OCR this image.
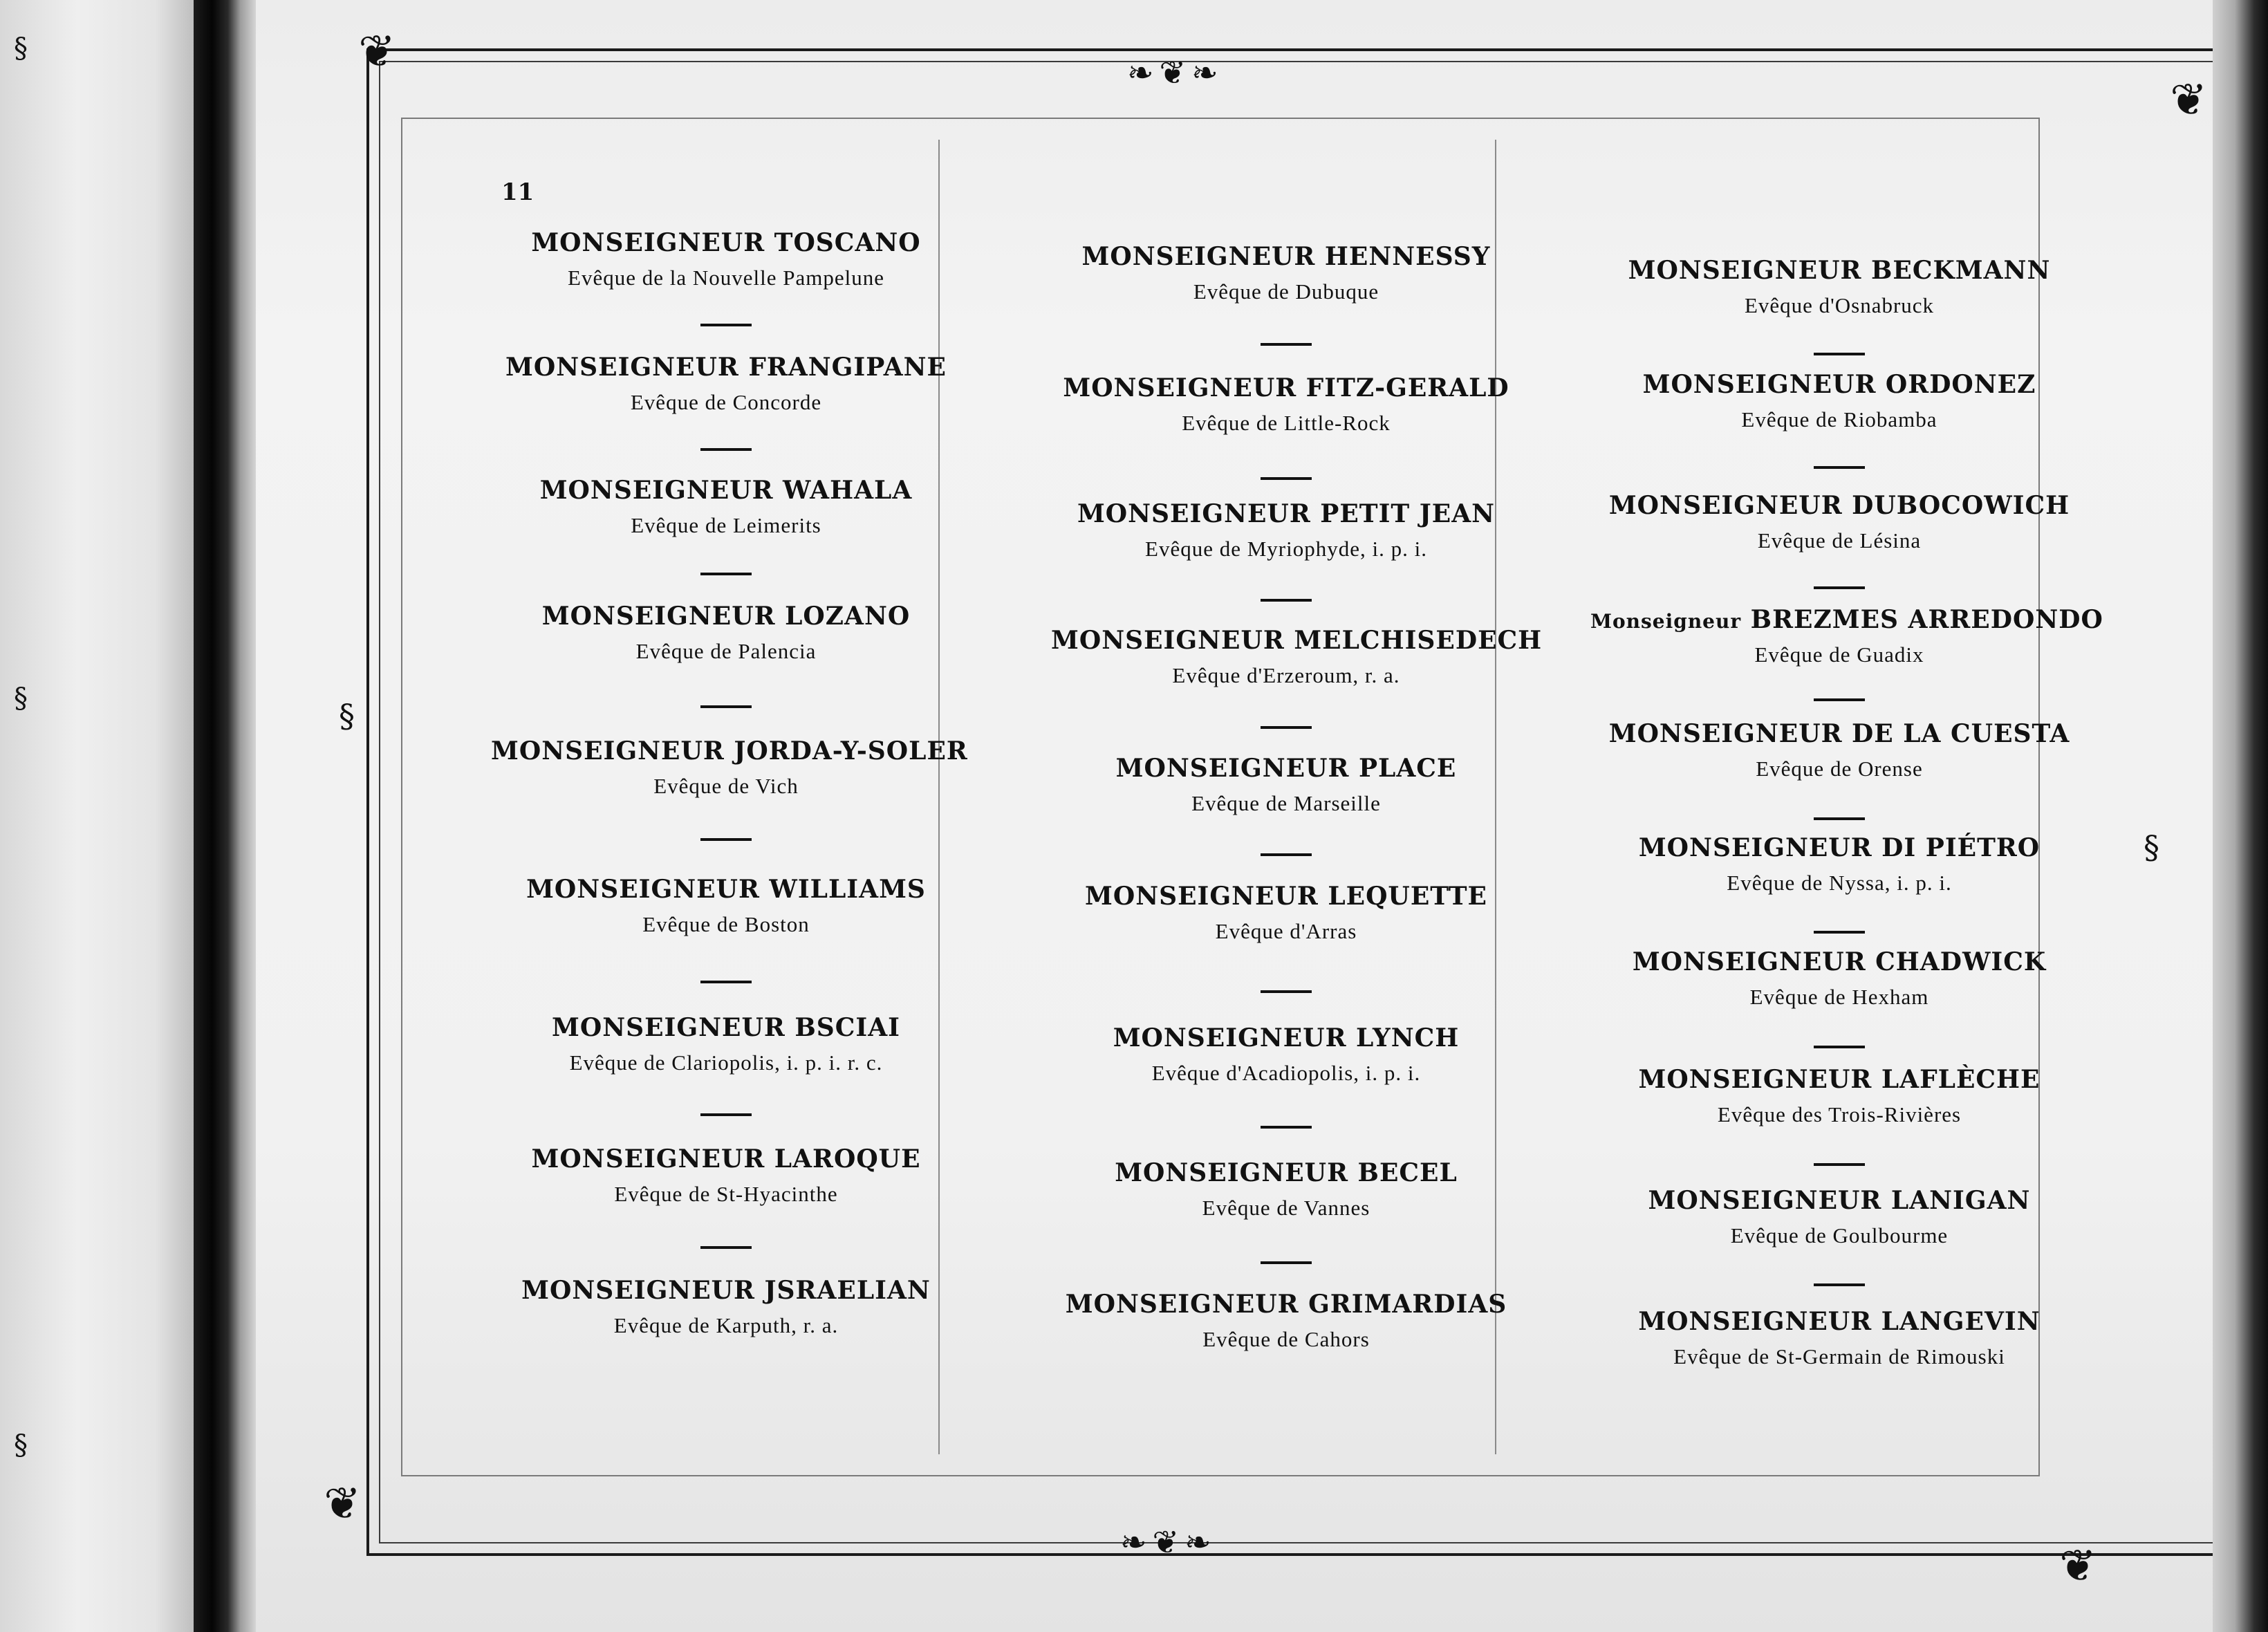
§
§
§
❦
❦
❦
❦
❧❦❧
❧❦❧
§
§
11
MONSEIGNEUR TOSCANO
Evêque de la Nouvelle Pampelune
MONSEIGNEUR FRANGIPANE
Evêque de Concorde
MONSEIGNEUR WAHALA
Evêque de Leimerits
MONSEIGNEUR LOZANO
Evêque de Palencia
MONSEIGNEUR JORDA-Y-SOLER
Evêque de Vich
MONSEIGNEUR WILLIAMS
Evêque de Boston
MONSEIGNEUR BSCIAI
Evêque de Clariopolis, i. p. i. r. c.
MONSEIGNEUR LAROQUE
Evêque de St-Hyacinthe
MONSEIGNEUR JSRAELIAN
Evêque de Karputh, r. a.
MONSEIGNEUR HENNESSY
Evêque de Dubuque
MONSEIGNEUR FITZ-GERALD
Evêque de Little-Rock
MONSEIGNEUR PETIT JEAN
Evêque de Myriophyde, i. p. i.
MONSEIGNEUR MELCHISEDECH
Evêque d'Erzeroum, r. a.
MONSEIGNEUR PLACE
Evêque de Marseille
MONSEIGNEUR LEQUETTE
Evêque d'Arras
MONSEIGNEUR LYNCH
Evêque d'Acadiopolis, i. p. i.
MONSEIGNEUR BECEL
Evêque de Vannes
MONSEIGNEUR GRIMARDIAS
Evêque de Cahors
MONSEIGNEUR BECKMANN
Evêque d'Osnabruck
MONSEIGNEUR ORDONEZ
Evêque de Riobamba
MONSEIGNEUR DUBOCOWICH
Evêque de Lésina
Monseigneur BREZMES ARREDONDO
Evêque de Guadix
MONSEIGNEUR DE LA CUESTA
Evêque de Orense
MONSEIGNEUR DI PIÉTRO
Evêque de Nyssa, i. p. i.
MONSEIGNEUR CHADWICK
Evêque de Hexham
MONSEIGNEUR LAFLÈCHE
Evêque des Trois-Rivières
MONSEIGNEUR LANIGAN
Evêque de Goulbourme
MONSEIGNEUR LANGEVIN
Evêque de St-Germain de Rimouski
